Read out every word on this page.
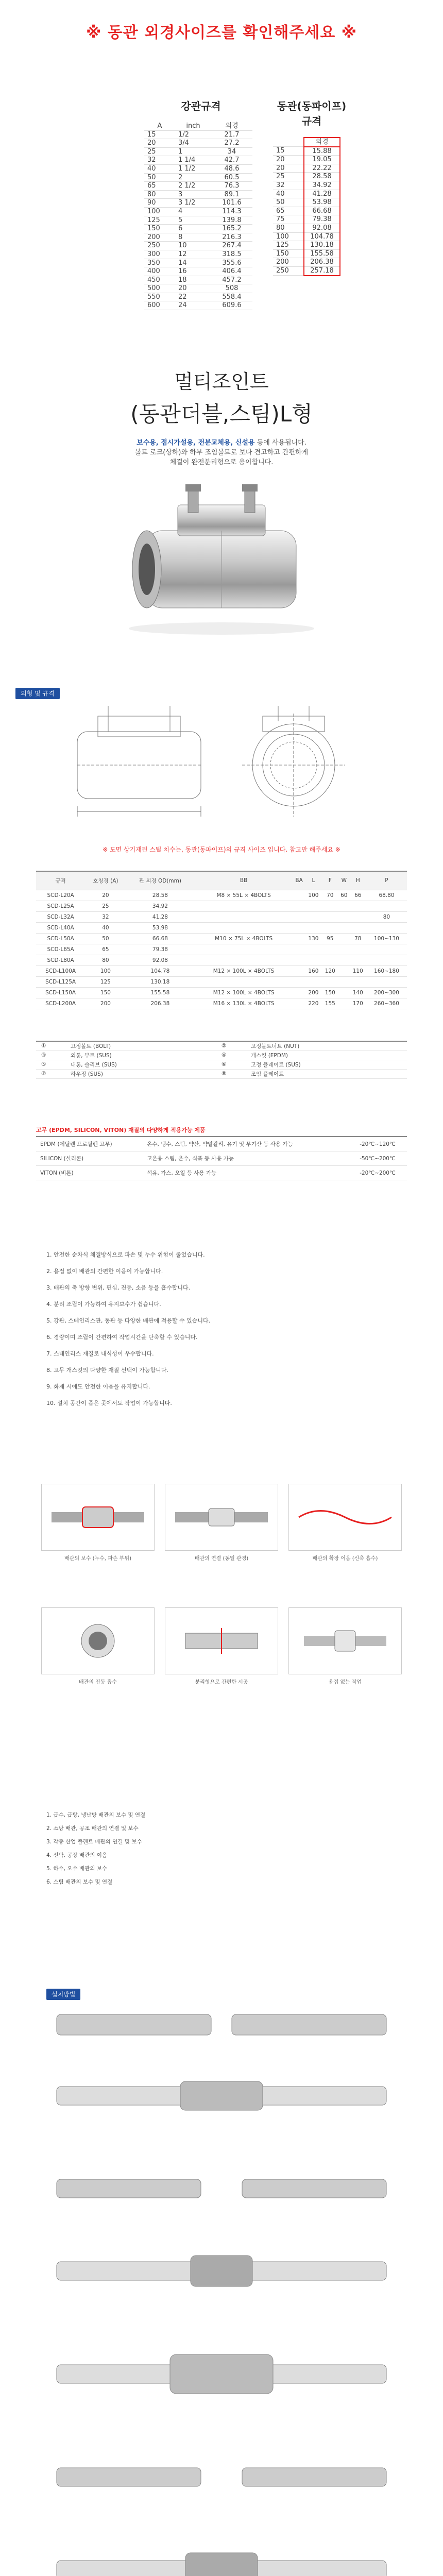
※ 동관 외경사이즈를 확인해주세요 ※
강관규격
A	inch	외경
15	1/2	21.7
20	3/4	27.2
25	1	34
32	1 1/4	42.7
40	1 1/2	48.6
50	2	60.5
65	2 1/2	76.3
80	3	89.1
90	3 1/2	101.6
100	4	114.3
125	5	139.8
150	6	165.2
200	8	216.3
250	10	267.4
300	12	318.5
350	14	355.6
400	16	406.4
450	18	457.2
500	20	508
550	22	558.4
600	24	609.6
동관(동파이프)규격
	외경
15	15.88
20	19.05
20	22.22
25	28.58
32	34.92
40	41.28
50	53.98
65	66.68
75	79.38
80	92.08
100	104.78
125	130.18
150	155.58
200	206.38
250	257.18
멀티조인트
(동관더블,스팀)L형
보수용, 접시가설용, 전분교체용, 신설용 등에 사용됩니다.
볼트 로크(상하)와 하부 조임볼트로 보다 견고하고 간편하게
체결이 완전분리형으로 용이합니다.
외형 및 규격
※ 도면 상기재된 스틸 치수는, 동관(동파이프)의 규격 사이즈 입니다. 참고만 해주세요 ※
규격	호칭경 (A)	관 외경 OD(mm)	BB	BA	L	F	W	H	P
SCD-L20A	20	28.58	M8 × 55L × 4BOLTS		100	70	60	66	68.80
SCD-L25A	25	34.92							
SCD-L32A	32	41.28							80
SCD-L40A	40	53.98							
SCD-L50A	50	66.68	M10 × 75L × 4BOLTS		130	95		78	100~130
SCD-L65A	65	79.38							
SCD-L80A	80	92.08							
SCD-L100A	100	104.78	M12 × 100L × 4BOLTS		160	120		110	160~180
SCD-L125A	125	130.18							
SCD-L150A	150	155.58	M12 × 100L × 4BOLTS		200	150		140	200~300
SCD-L200A	200	206.38	M16 × 130L × 4BOLTS		220	155		170	260~360
①	고정볼트 (BOLT)	②	고정볼트너트 (NUT)
③	외통, 부트 (SUS)	④	개스킷 (EPDM)
⑤	내통, 슬리브 (SUS)	⑥	고정 플레이트 (SUS)
⑦	하우징 (SUS)	⑧	조임 플레이트
고무 (EPDM, SILICON, VITON) 재질의 다양하게 적용가능 제품
EPDM (에틸렌 프로필렌 고무)	온수, 냉수, 스팀, 약산, 약알칼리, 유기 및 무기산 등 사용 가능	-20℃~120℃
SILICON (실리콘)	고온용 스팀, 온수, 식품 등 사용 가능	-50℃~200℃
VITON (비톤)	석유, 가스, 오일 등 사용 가능	-20℃~200℃
1. 안전한 순차식 체결방식으로 파손 및 누수 위험이 줄었습니다.
2. 용접 없이 배관의 간편한 이음이 가능합니다.
3. 배관의 축 방향 변위, 편심, 진동, 소음 등을 흡수합니다.
4. 분리 조립이 가능하여 유지보수가 쉽습니다.
5. 강관, 스테인리스관, 동관 등 다양한 배관에 적용할 수 있습니다.
6. 경량이며 조립이 간편하여 작업시간을 단축할 수 있습니다.
7. 스테인리스 재질로 내식성이 우수합니다.
8. 고무 개스킷의 다양한 재질 선택이 가능합니다.
9. 화재 시에도 안전한 이음을 유지합니다.
10. 설치 공간이 좁은 곳에서도 작업이 가능합니다.
배관의 보수 (누수, 파손 부위)	배관의 연결 (동일 관경)	배관의 확장 이음 (신축 흡수)
배관의 진동 흡수	분리형으로 간편한 시공	용접 없는 작업
1. 급수, 급탕, 냉난방 배관의 보수 및 연결
2. 소방 배관, 공조 배관의 연결 및 보수
3. 각종 산업 플랜트 배관의 연결 및 보수
4. 선박, 공장 배관의 이음
5. 하수, 오수 배관의 보수
6. 스팀 배관의 보수 및 연결
설치방법
